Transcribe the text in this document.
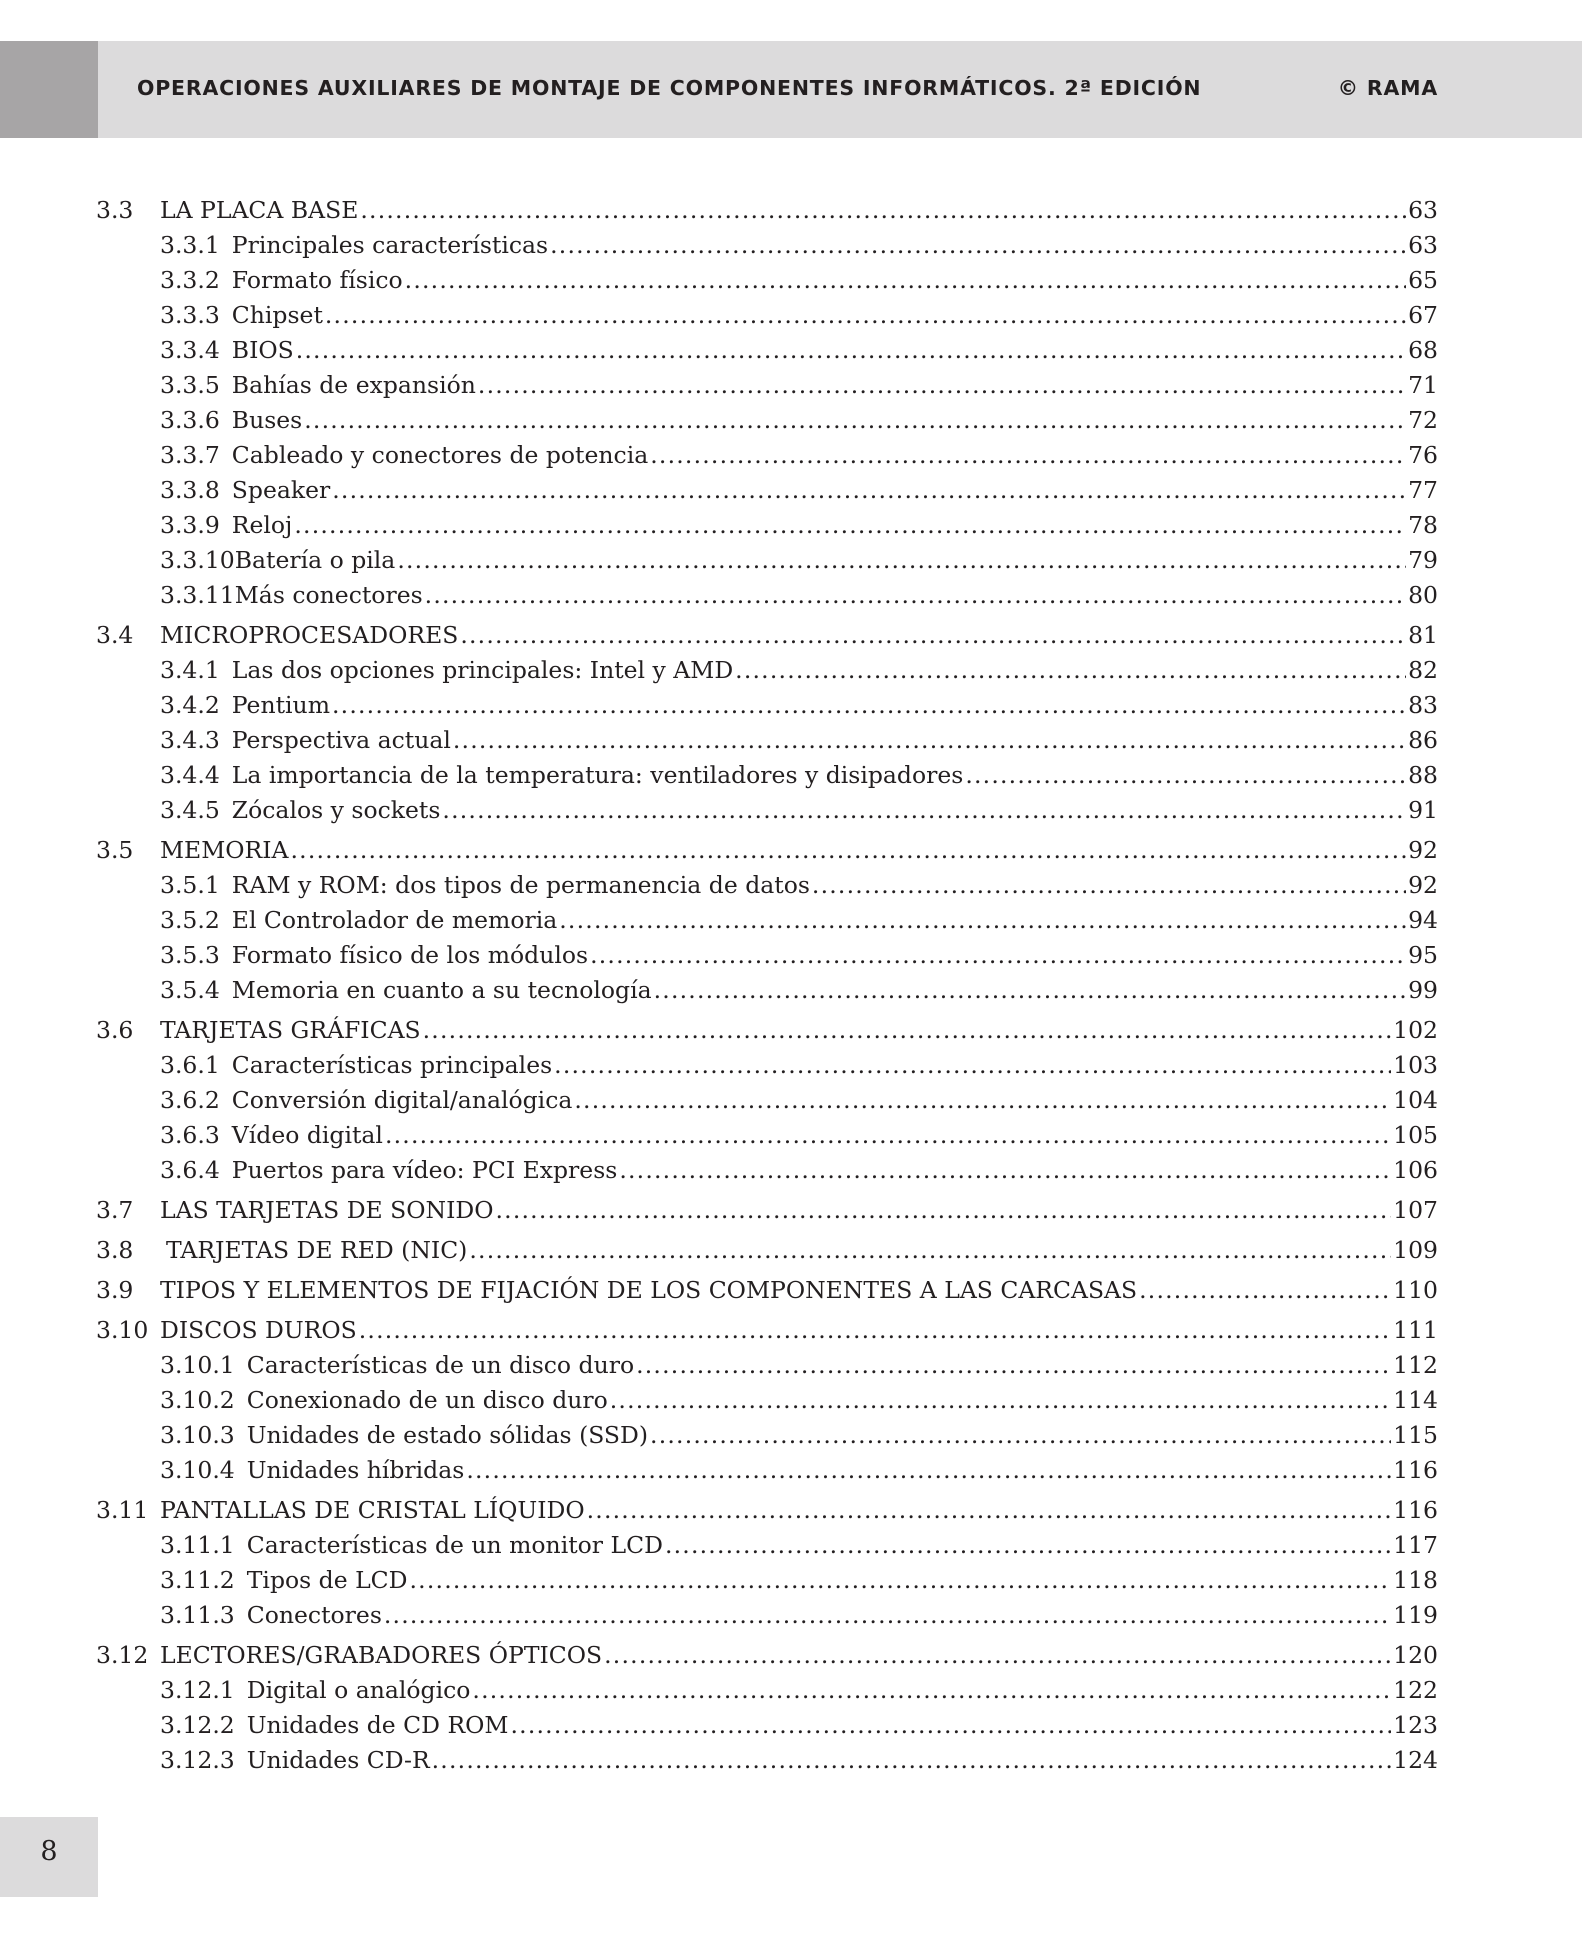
OPERACIONES AUXILIARES DE MONTAJE DE COMPONENTES INFORMÁTICOS. 2ª EDICIÓN	© RAMA
3.3	LA PLACA BASE .....	63
3.3.1 Principales características .....	63
3.3.2 Formato físico .....	65
3.3.3 Chipset .....	67
3.3.4 BIOS .....	68
3.3.5 Bahías de expansión .....	71
3.3.6 Buses .....	72
3.3.7 Cableado y conectores de potencia .....	76
3.3.8 Speaker .....	77
3.3.9 Reloj .....	78
3.3.10 Batería o pila .....	79
3.3.11 Más conectores .....	80
3.4	MICROPROCESADORES .....	81
3.4.1 Las dos opciones principales: Intel y AMD .....	82
3.4.2 Pentium .....	83
3.4.3 Perspectiva actual .....	86
3.4.4 La importancia de la temperatura: ventiladores y disipadores .....	88
3.4.5 Zócalos y sockets .....	91
3.5	MEMORIA .....	92
3.5.1 RAM y ROM: dos tipos de permanencia de datos .....	92
3.5.2 El Controlador de memoria .....	94
3.5.3 Formato físico de los módulos .....	95
3.5.4 Memoria en cuanto a su tecnología .....	99
3.6	TARJETAS GRÁFICAS .....	102
3.6.1 Características principales .....	103
3.6.2 Conversión digital/analógica .....	104
3.6.3 Vídeo digital .....	105
3.6.4 Puertos para vídeo: PCI Express .....	106
3.7	LAS TARJETAS DE SONIDO .....	107
3.8	TARJETAS DE RED (NIC) .....	109
3.9	TIPOS Y ELEMENTOS DE FIJACIÓN DE LOS COMPONENTES A LAS CARCASAS .....	110
3.10 DISCOS DUROS .....	111
3.10.1 Características de un disco duro .....	112
3.10.2 Conexionado de un disco duro .....	114
3.10.3 Unidades de estado sólidas (SSD) .....	115
3.10.4 Unidades híbridas .....	116
3.11 PANTALLAS DE CRISTAL LÍQUIDO .....	116
3.11.1 Características de un monitor LCD .....	117
3.11.2 Tipos de LCD .....	118
3.11.3 Conectores .....	119
3.12 LECTORES/GRABADORES ÓPTICOS .....	120
3.12.1 Digital o analógico .....	122
3.12.2 Unidades de CD ROM .....	123
3.12.3 Unidades CD-R .....	124
8
